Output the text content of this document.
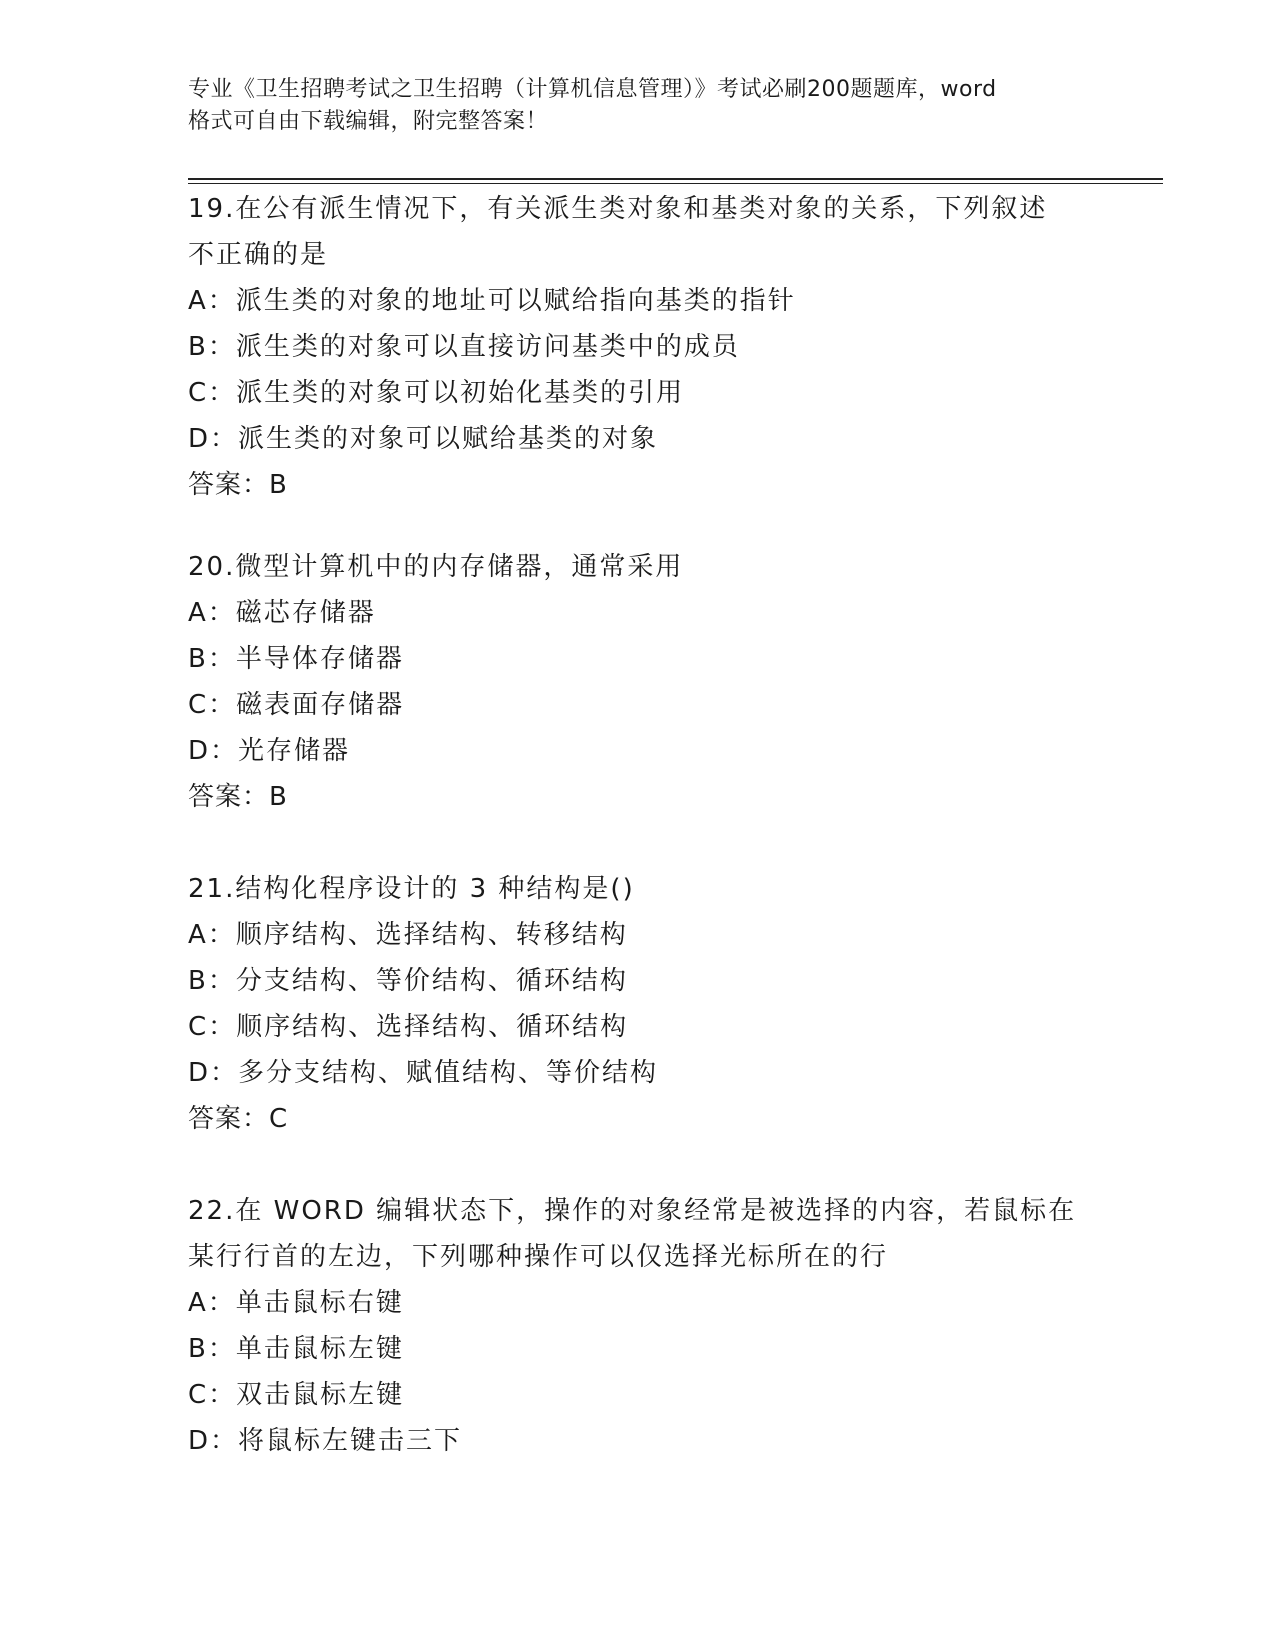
专业《卫生招聘考试之卫生招聘（计算机信息管理）》考试必刷200题题库，word
格式可自由下载编辑，附完整答案！
19.在公有派生情况下，有关派生类对象和基类对象的关系，下列叙述
不正确的是
A：派生类的对象的地址可以赋给指向基类的指针
B：派生类的对象可以直接访问基类中的成员
C：派生类的对象可以初始化基类的引用
D：派生类的对象可以赋给基类的对象
答案：B
20.微型计算机中的内存储器，通常采用
A：磁芯存储器
B：半导体存储器
C：磁表面存储器
D：光存储器
答案：B
21.结构化程序设计的 3 种结构是()
A：顺序结构、选择结构、转移结构
B：分支结构、等价结构、循环结构
C：顺序结构、选择结构、循环结构
D：多分支结构、赋值结构、等价结构
答案：C
22.在 WORD 编辑状态下，操作的对象经常是被选择的内容，若鼠标在
某行行首的左边，下列哪种操作可以仅选择光标所在的行
A：单击鼠标右键
B：单击鼠标左键
C：双击鼠标左键
D：将鼠标左键击三下
